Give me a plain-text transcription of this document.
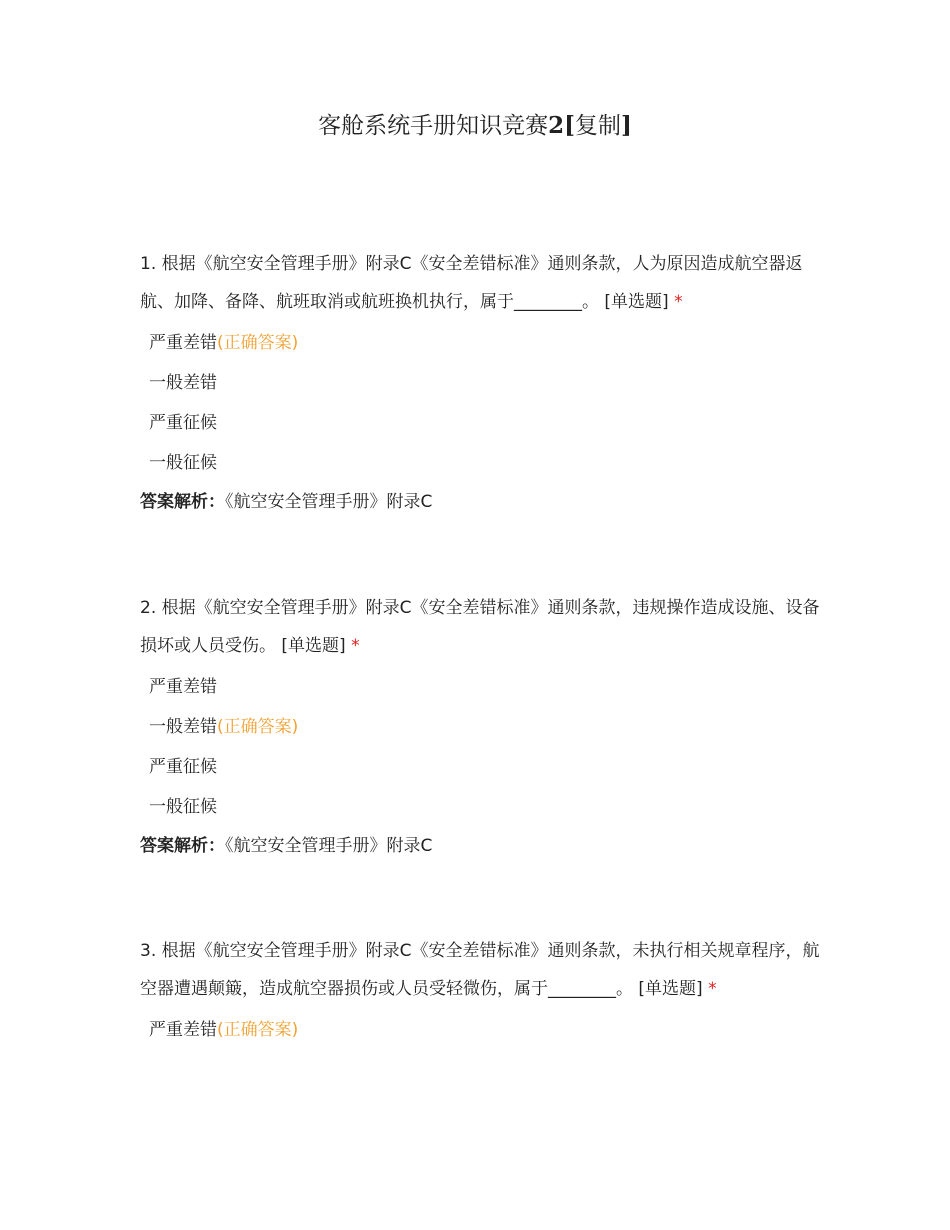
客舱系统手册知识竞赛2[复制]

1. 根据《航空安全管理手册》附录C《安全差错标准》通则条款，人为原因造成航空器返航、加降、备降、航班取消或航班换机执行，属于________。 [单选题] *

严重差错(正确答案)
一般差错
严重征候
一般征候
答案解析：《航空安全管理手册》附录C

2. 根据《航空安全管理手册》附录C《安全差错标准》通则条款，违规操作造成设施、设备损坏或人员受伤。 [单选题] *

严重差错
一般差错(正确答案)
严重征候
一般征候
答案解析：《航空安全管理手册》附录C

3. 根据《航空安全管理手册》附录C《安全差错标准》通则条款，未执行相关规章程序，航空器遭遇颠簸，造成航空器损伤或人员受轻微伤，属于________。 [单选题] *

严重差错(正确答案)
